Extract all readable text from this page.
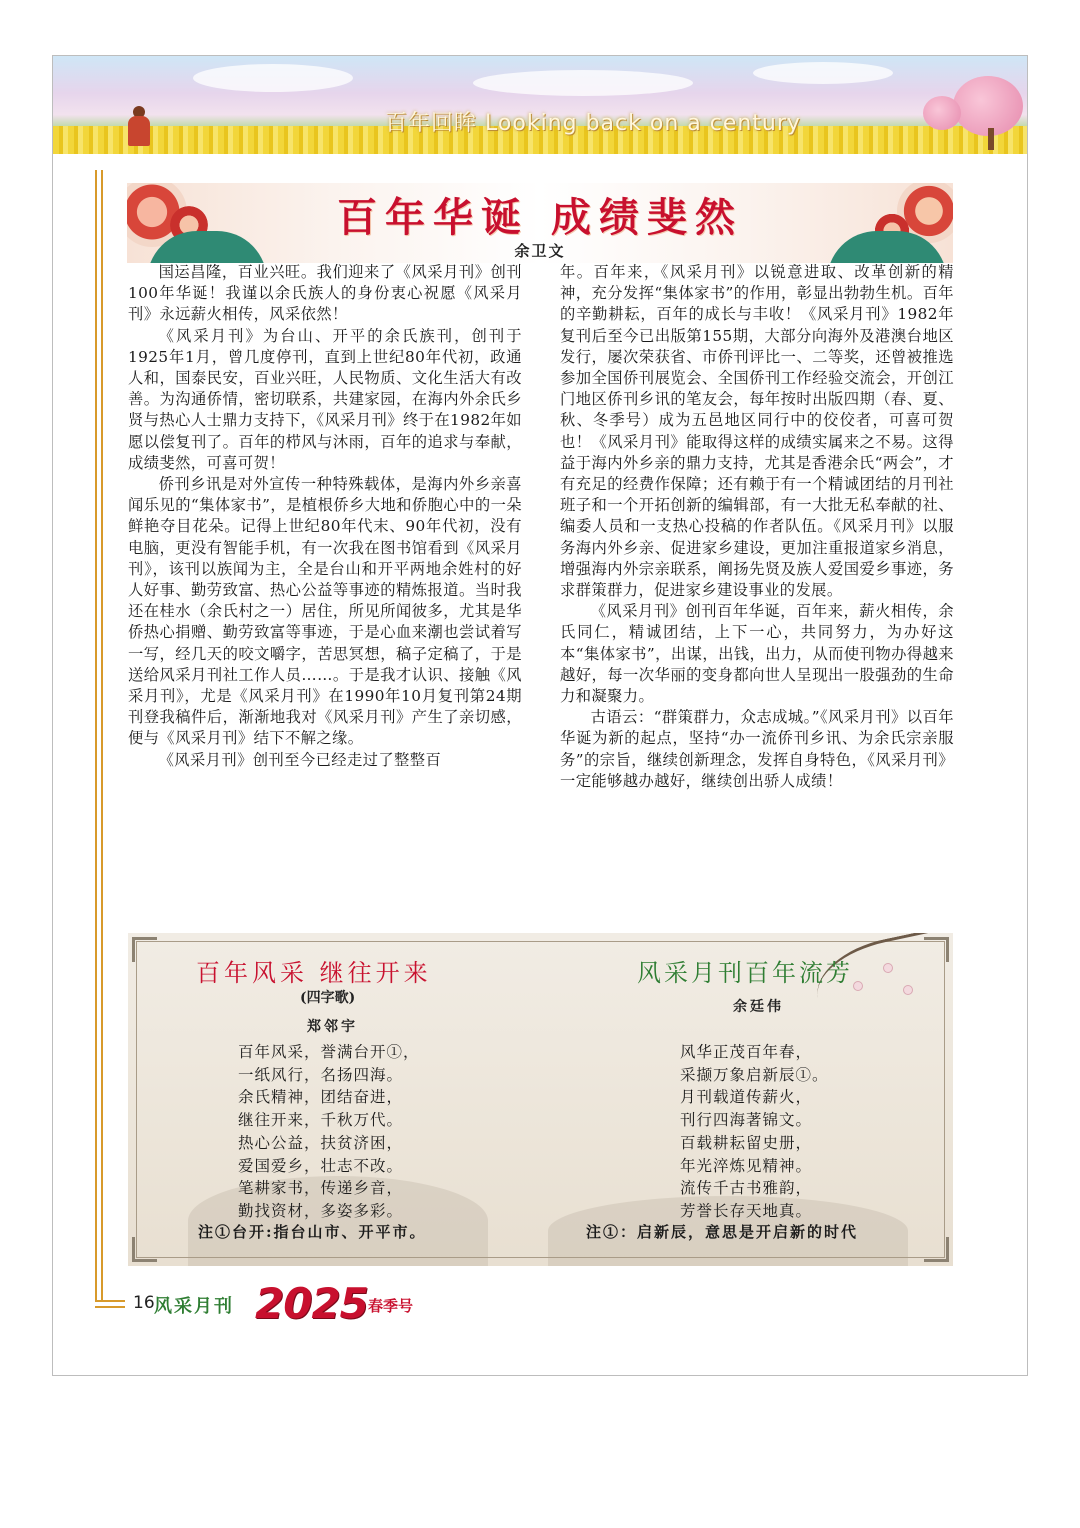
百年回眸 Looking back on a century
百年华诞 成绩斐然
余卫文

国运昌隆，百业兴旺。我们迎来了《风采月刊》创刊100年华诞！我谨以余氏族人的身份衷心祝愿《风采月刊》永远薪火相传，风采依然！

《风采月刊》为台山、开平的余氏族刊，创刊于1925年1月，曾几度停刊，直到上世纪80年代初，政通人和，国泰民安，百业兴旺，人民物质、文化生活大有改善。为沟通侨情，密切联系，共建家园，在海内外余氏乡贤与热心人士鼎力支持下，《风采月刊》终于在1982年如愿以偿复刊了。百年的栉风与沐雨，百年的追求与奉献，成绩斐然，可喜可贺！

侨刊乡讯是对外宣传一种特殊载体，是海内外乡亲喜闻乐见的“集体家书”，是植根侨乡大地和侨胞心中的一朵鲜艳夺目花朵。记得上世纪80年代末、90年代初，没有电脑，更没有智能手机，有一次我在图书馆看到《风采月刊》，该刊以族闻为主，全是台山和开平两地余姓村的好人好事、勤劳致富、热心公益等事迹的精炼报道。当时我还在桂水（余氏村之一）居住，所见所闻彼多，尤其是华侨热心捐赠、勤劳致富等事迹，于是心血来潮也尝试着写一写，经几天的咬文嚼字，苦思冥想，稿子定稿了，于是送给风采月刊社工作人员……。于是我才认识、接触《风采月刊》，尤是《风采月刊》在1990年10月复刊第24期刊登我稿件后，渐渐地我对《风采月刊》产生了亲切感，便与《风采月刊》结下不解之缘。

《风采月刊》创刊至今已经走过了整整百

年。百年来，《风采月刊》以锐意进取、改革创新的精神，充分发挥“集体家书”的作用，彰显出勃勃生机。百年的辛勤耕耘，百年的成长与丰收！《风采月刊》1982年复刊后至今已出版第155期，大部分向海外及港澳台地区发行，屡次荣获省、市侨刊评比一、二等奖，还曾被推选参加全国侨刊展览会、全国侨刊工作经验交流会，开创江门地区侨刊乡讯的笔友会，每年按时出版四期（春、夏、秋、冬季号）成为五邑地区同行中的佼佼者，可喜可贺也！《风采月刊》能取得这样的成绩实属来之不易。这得益于海内外乡亲的鼎力支持，尤其是香港余氏“两会”，才有充足的经费作保障；还有赖于有一个精诚团结的月刊社班子和一个开拓创新的编辑部，有一大批无私奉献的社、编委人员和一支热心投稿的作者队伍。《风采月刊》以服务海内外乡亲、促进家乡建设，更加注重报道家乡消息，增强海内外宗亲联系，阐扬先贤及族人爱国爱乡事迹，务求群策群力，促进家乡建设事业的发展。

《风采月刊》创刊百年华诞，百年来，薪火相传，余氏同仁，精诚团结，上下一心，共同努力，为办好这本“集体家书”，出谋，出钱，出力，从而使刊物办得越来越好，每一次华丽的变身都向世人呈现出一股强劲的生命力和凝聚力。

古语云：“群策群力，众志成城。”《风采月刊》以百年华诞为新的起点，坚持“办一流侨刊乡讯、为余氏宗亲服务”的宗旨，继续创新理念，发挥自身特色，《风采月刊》一定能够越办越好，继续创出骄人成绩！

百年风采 继往开来
(四字歌)
郑邻宇
百年风采，誉满台开①，
一纸风行，名扬四海。
余氏精神，团结奋进，
继往开来，千秋万代。
热心公益，扶贫济困，
爱国爱乡，壮志不改。
笔耕家书，传递乡音，
勤找资材，多姿多彩。
风采月刊百年流芳
余廷伟
风华正茂百年春，
采撷万象启新辰①。
月刊载道传薪火，
刊行四海著锦文。
百载耕耘留史册，
年光淬炼见精神。
流传千古书雅韵，
芳誉长存天地真。
注①台开:指台山市、开平市。	注①：启新辰，意思是开启新的时代
16 风采月刊 2025 春季号
